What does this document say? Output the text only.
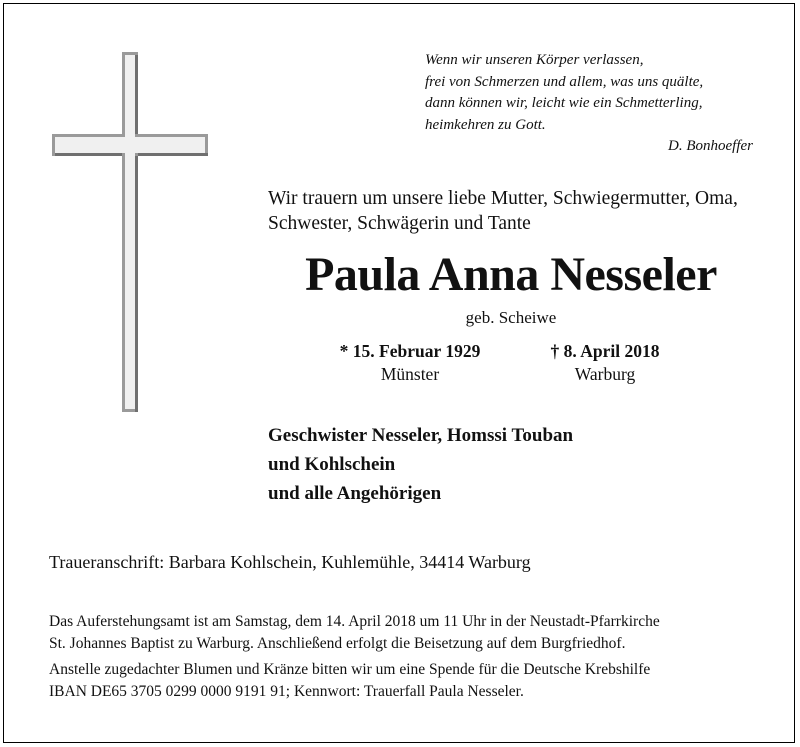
Wenn wir unseren Körper verlassen,
frei von Schmerzen und allem, was uns quälte,
dann können wir, leicht wie ein Schmetterling,
heimkehren zu Gott.
D. Bonhoeffer
Wir trauern um unsere liebe Mutter, Schwiegermutter, Oma,
Schwester, Schwägerin und Tante
Paula Anna Nesseler
geb. Scheiwe
* 15. Februar 1929
Münster
† 8. April 2018
Warburg
Geschwister Nesseler, Homssi Touban
und Kohlschein
und alle Angehörigen
Traueranschrift: Barbara Kohlschein, Kuhlemühle, 34414 Warburg
Das Auferstehungsamt ist am Samstag, dem 14. April 2018 um 11 Uhr in der Neustadt-Pfarrkirche
St. Johannes Baptist zu Warburg. Anschließend erfolgt die Beisetzung auf dem Burgfriedhof.
Anstelle zugedachter Blumen und Kränze bitten wir um eine Spende für die Deutsche Krebshilfe
IBAN DE65 3705 0299 0000 9191 91; Kennwort: Trauerfall Paula Nesseler.
